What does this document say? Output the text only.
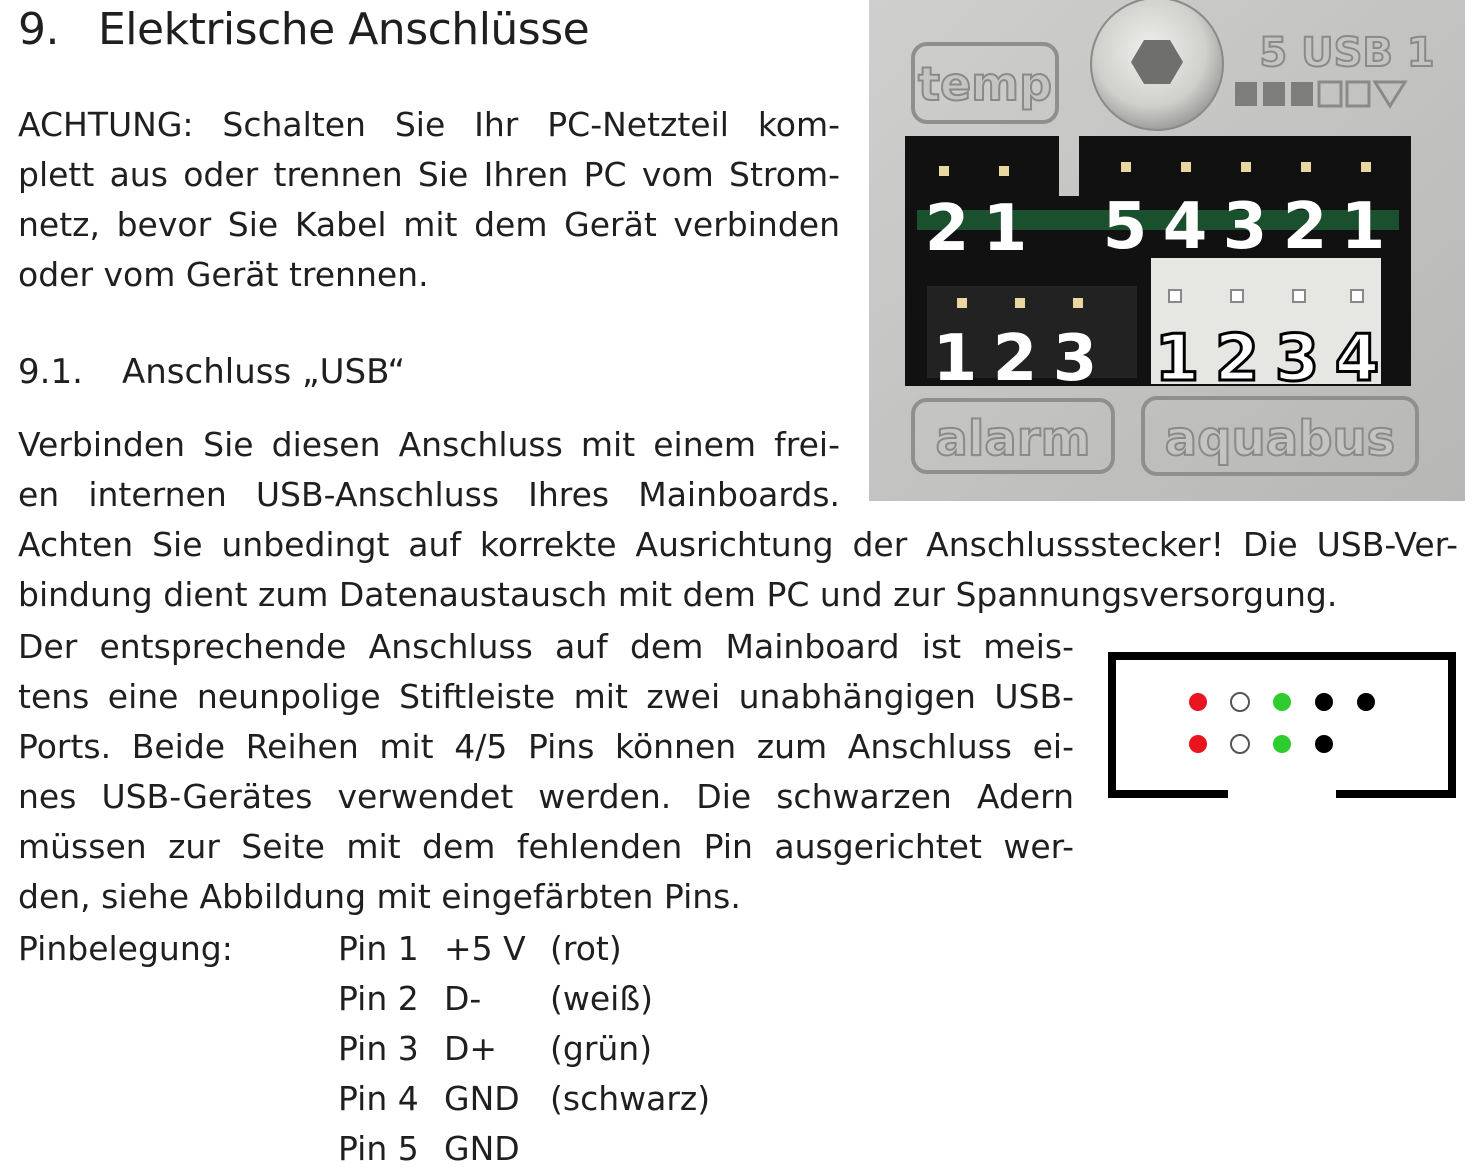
9. Elektrische Anschlüsse
ACHTUNG: Schalten Sie Ihr PC-Netzteil kom-
plett aus oder trennen Sie Ihren PC vom Strom-
netz, bevor Sie Kabel mit dem Gerät verbinden
oder vom Gerät trennen.
9.1. Anschluss „USB“
Verbinden Sie diesen Anschluss mit einem frei-
en internen USB-Anschluss Ihres Mainboards.
Achten Sie unbedingt auf korrekte Ausrichtung der Anschlussstecker! Die USB-Ver-
bindung dient zum Datenaustausch mit dem PC und zur Spannungsversorgung.
Der entsprechende Anschluss auf dem Mainboard ist meis-
tens eine neunpolige Stiftleiste mit zwei unabhängigen USB-
Ports. Beide Reihen mit 4/5 Pins können zum Anschluss ei-
nes USB-Gerätes verwendet werden. Die schwarzen Adern
müssen zur Seite mit dem fehlenden Pin ausgerichtet wer-
den, siehe Abbildung mit eingefärbten Pins.
Pinbelegung:	Pin 1 +5 V (rot)
Pin 2 D- (weiß)
Pin 3 D+ (grün)
Pin 4 GND (schwarz)
Pin 5 GND
temp
5 USB 1
2 1 5 4 3 2 1
1 2 3 1 2 3 4
alarm aquabus
